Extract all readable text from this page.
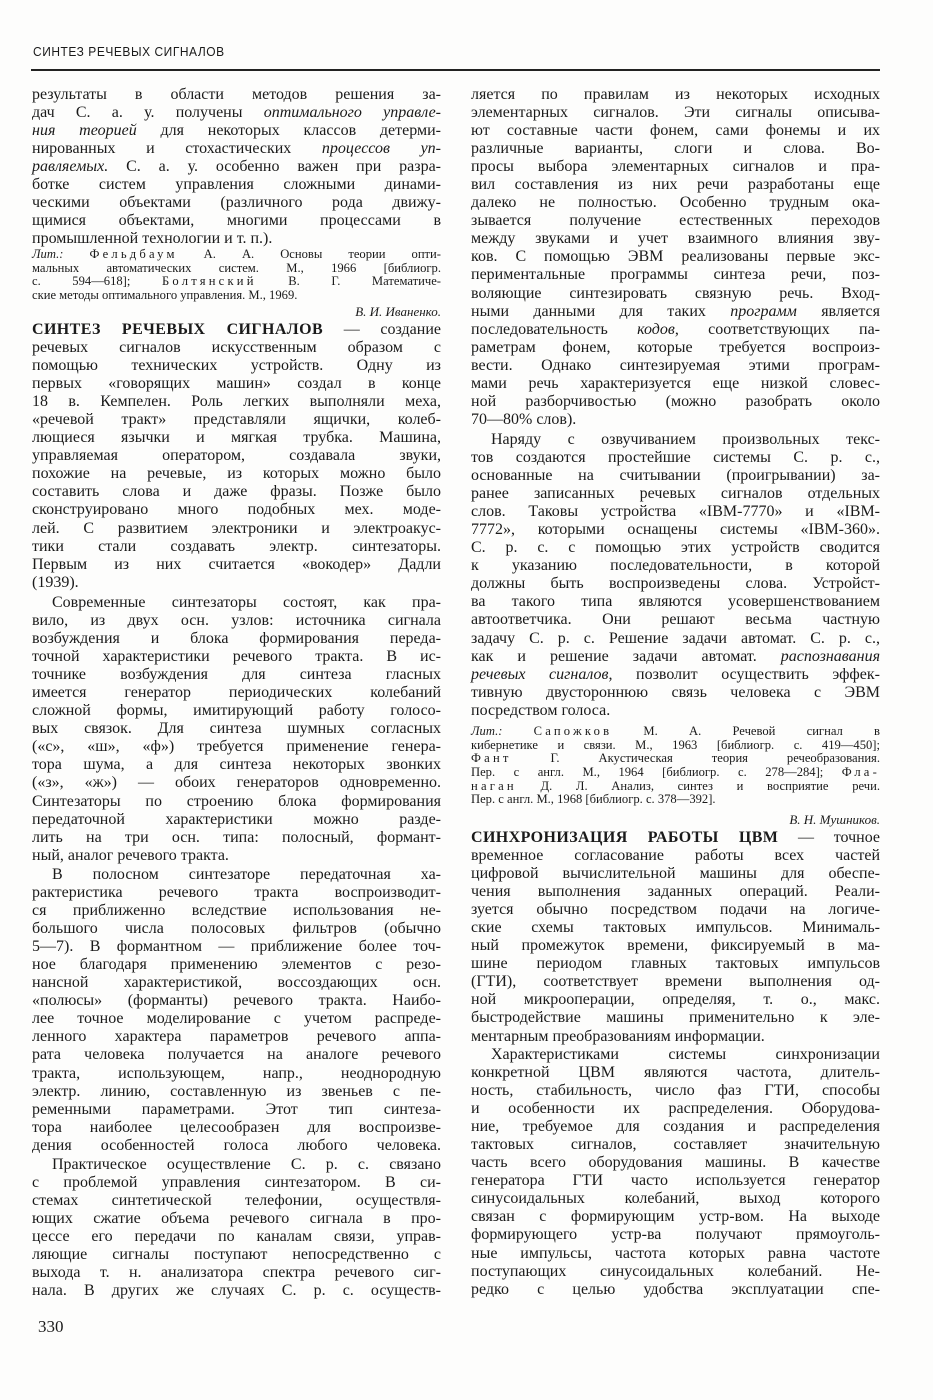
СИНТЕЗ РЕЧЕВЫХ СИГНАЛОВ
результаты в области методов решения за-
дач С. а. у. получены оптимального управле-
ния теорией для некоторых классов детерми-
нированных и стохастических процессов уп-
равляемых. С. а. у. особенно важен при разра-
ботке систем управления сложными динами-
ческими объектами (различного рода движу-
щимися объектами, многими процессами в
промышленной технологии и т. п.).
Лит.: Фельдбаум А. А. Основы теории опти-
мальных автоматических систем. М., 1966 [библиогр.
с. 594—618]; Болтянский В. Г. Математиче-
ские методы оптимального управления. М., 1969.
В. И. Иваненко.
СИНТЕЗ РЕЧЕВЫХ СИГНАЛОВ — создание
речевых сигналов искусственным образом с
помощью технических устройств. Одну из
первых «говорящих машин» создал в конце
18 в. Кемпелен. Роль легких выполняли меха,
«речевой тракт» представляли ящички, колеб-
лющиеся язычки и мягкая трубка. Машина,
управляемая оператором, создавала звуки,
похожие на речевые, из которых можно было
составить слова и даже фразы. Позже было
сконструировано много подобных мех. моде-
лей. С развитием электроники и электроакус-
тики стали создавать электр. синтезаторы.
Первым из них считается «вокодер» Дадли
(1939).
Современные синтезаторы состоят, как пра-
вило, из двух осн. узлов: источника сигнала
возбуждения и блока формирования переда-
точной характеристики речевого тракта. В ис-
точнике возбуждения для синтеза гласных
имеется генератор периодических колебаний
сложной формы, имитирующий работу голосо-
вых связок. Для синтеза шумных согласных
(«с», «ш», «ф») требуется применение генера-
тора шума, а для синтеза некоторых звонких
(«з», «ж») — обоих генераторов одновременно.
Синтезаторы по строению блока формирования
передаточной характеристики можно разде-
лить на три осн. типа: полосный, формант-
ный, аналог речевого тракта.
В полосном синтезаторе передаточная ха-
рактеристика речевого тракта воспроизводит-
ся приближенно вследствие использования не-
большого числа полосовых фильтров (обычно
5—7). В формантном — приближение более точ-
ное благодаря применению элементов с резо-
нансной характеристикой, воссоздающих осн.
«полюсы» (форманты) речевого тракта. Наибо-
лее точное моделирование с учетом распреде-
ленного характера параметров речевого аппа-
рата человека получается на аналоге речевого
тракта, использующем, напр., неоднородную
электр. линию, составленную из звеньев с пе-
ременными параметрами. Этот тип синтеза-
тора наиболее целесообразен для воспроизве-
дения особенностей голоса любого человека.
Практическое осуществление С. р. с. связано
с проблемой управления синтезатором. В си-
стемах синтетической телефонии, осуществля-
ющих сжатие объема речевого сигнала в про-
цессе его передачи по каналам связи, управ-
ляющие сигналы поступают непосредственно с
выхода т. н. анализатора спектра речевого сиг-
нала. В других же случаях С. р. с. осуществ-
ляется по правилам из некоторых исходных
элементарных сигналов. Эти сигналы описыва-
ют составные части фонем, сами фонемы и их
различные варианты, слоги и слова. Во-
просы выбора элементарных сигналов и пра-
вил составления из них речи разработаны еще
далеко не полностью. Особенно трудным ока-
зывается получение естественных переходов
между звуками и учет взаимного влияния зву-
ков. С помощью ЭВМ реализованы первые экс-
периментальные программы синтеза речи, поз-
воляющие синтезировать связную речь. Вход-
ными данными для таких программ является
последовательность кодов, соответствующих па-
раметрам фонем, которые требуется воспроиз-
вести. Однако синтезируемая этими програм-
мами речь характеризуется еще низкой словес-
ной разборчивостью (можно разобрать около
70—80% слов).
Наряду с озвучиванием произвольных текс-
тов создаются простейшие системы С. р. с.,
основанные на считывании (проигрывании) за-
ранее записанных речевых сигналов отдельных
слов. Таковы устройства «IBM-7770» и «IBM-
7772», которыми оснащены системы «IBM-360».
С. р. с. с помощью этих устройств сводится
к указанию последовательности, в которой
должны быть воспроизведены слова. Устройст-
ва такого типа являются усовершенствованием
автоответчика. Они решают весьма частную
задачу С. р. с. Решение задачи автомат. С. р. с.,
как и решение задачи автомат. распознавания
речевых сигналов, позволит осуществить эффек-
тивную двустороннюю связь человека с ЭВМ
посредством голоса.
Лит.: Сапожков М. А. Речевой сигнал в
кибернетике и связи. М., 1963 [библиогр. с. 419—450];
Фант Г. Акустическая теория речеобразования.
Пер. с англ. М., 1964 [библиогр. с. 278—284]; Фла-
наган Д. Л. Анализ, синтез и восприятие речи.
Пер. с англ. М., 1968 [библиогр. с. 378—392].
В. Н. Мушников.
СИНХРОНИЗАЦИЯ РАБОТЫ ЦВМ — точное
временное согласование работы всех частей
цифровой вычислительной машины для обеспе-
чения выполнения заданных операций. Реали-
зуется обычно посредством подачи на логиче-
ские схемы тактовых импульсов. Минималь-
ный промежуток времени, фиксируемый в ма-
шине периодом главных тактовых импульсов
(ГТИ), соответствует времени выполнения од-
ной микрооперации, определяя, т. о., макс.
быстродействие машины применительно к эле-
ментарным преобразованиям информации.
Характеристиками системы синхронизации
конкретной ЦВМ являются частота, длитель-
ность, стабильность, число фаз ГТИ, способы
и особенности их распределения. Оборудова-
ние, требуемое для создания и распределения
тактовых сигналов, составляет значительную
часть всего оборудования машины. В качестве
генератора ГТИ часто используется генератор
синусоидальных колебаний, выход которого
связан с формирующим устр-вом. На выходе
формирующего устр-ва получают прямоуголь-
ные импульсы, частота которых равна частоте
поступающих синусоидальных колебаний. Не-
редко с целью удобства эксплуатации спе-
330
